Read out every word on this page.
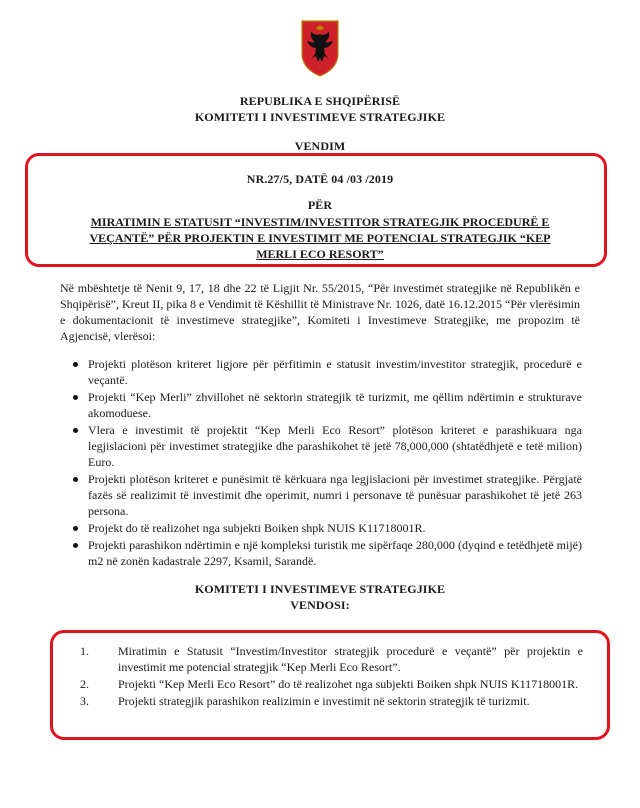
REPUBLIKA E SHQIPËRISË
KOMITETI I INVESTIMEVE STRATEGJIKE
VENDIM
NR.27/5, DATË 04 /03 /2019
PËR
MIRATIMIN E STATUSIT “INVESTIM/INVESTITOR STRATEGJIK PROCEDURË E VEÇANTË” PËR PROJEKTIN E INVESTIMIT ME POTENCIAL STRATEGJIK “KEP MERLI ECO RESORT”

Në mbështetje të Nenit 9, 17, 18 dhe 22 të Ligjit Nr. 55/2015, “Për investimet strategjike në Republikën e Shqipërisë”, Kreut II, pika 8 e Vendimit të Këshillit të Ministrave Nr. 1026, datë 16.12.2015 “Për vlerësimin e dokumentacionit të investimeve strategjike”, Komiteti i Investimeve Strategjike, me propozim të Agjencisë, vlerësoi:

Projekti plotëson kriteret ligjore për përfitimin e statusit investim/investitor strategjik, procedurë e veçantë.
Projekti “Kep Merli” zhvillohet në sektorin strategjik të turizmit, me qëllim ndërtimin e strukturave akomoduese.
Vlera e investimit të projektit “Kep Merli Eco Resort” plotëson kriteret e parashikuara nga legjislacioni për investimet strategjike dhe parashikohet të jetë 78,000,000 (shtatëdhjetë e tetë milion) Euro.
Projekti plotëson kriteret e punësimit të kërkuara nga legjislacioni për investimet strategjike. Përgjatë fazës së realizimit të investimit dhe operimit, numri i personave të punësuar parashikohet të jetë 263 persona.
Projekt do të realizohet nga subjekti Boiken shpk NUIS K11718001R.
Projekti parashikon ndërtimin e një kompleksi turistik me sipërfaqe 280,000 (dyqind e tetëdhjetë mijë) m2 në zonën kadastrale 2297, Ksamil, Sarandë.
KOMITETI I INVESTIMEVE STRATEGJIKE
VENDOSI:
1. Miratimin e Statusit “Investim/Investitor strategjik procedurë e veçantë” për projektin e investimit me potencial strategjik “Kep Merli Eco Resort”.
2. Projekti “Kep Merli Eco Resort” do të realizohet nga subjekti Boiken shpk NUIS K11718001R.
3. Projekti strategjik parashikon realizimin e investimit në sektorin strategjik të turizmit.
